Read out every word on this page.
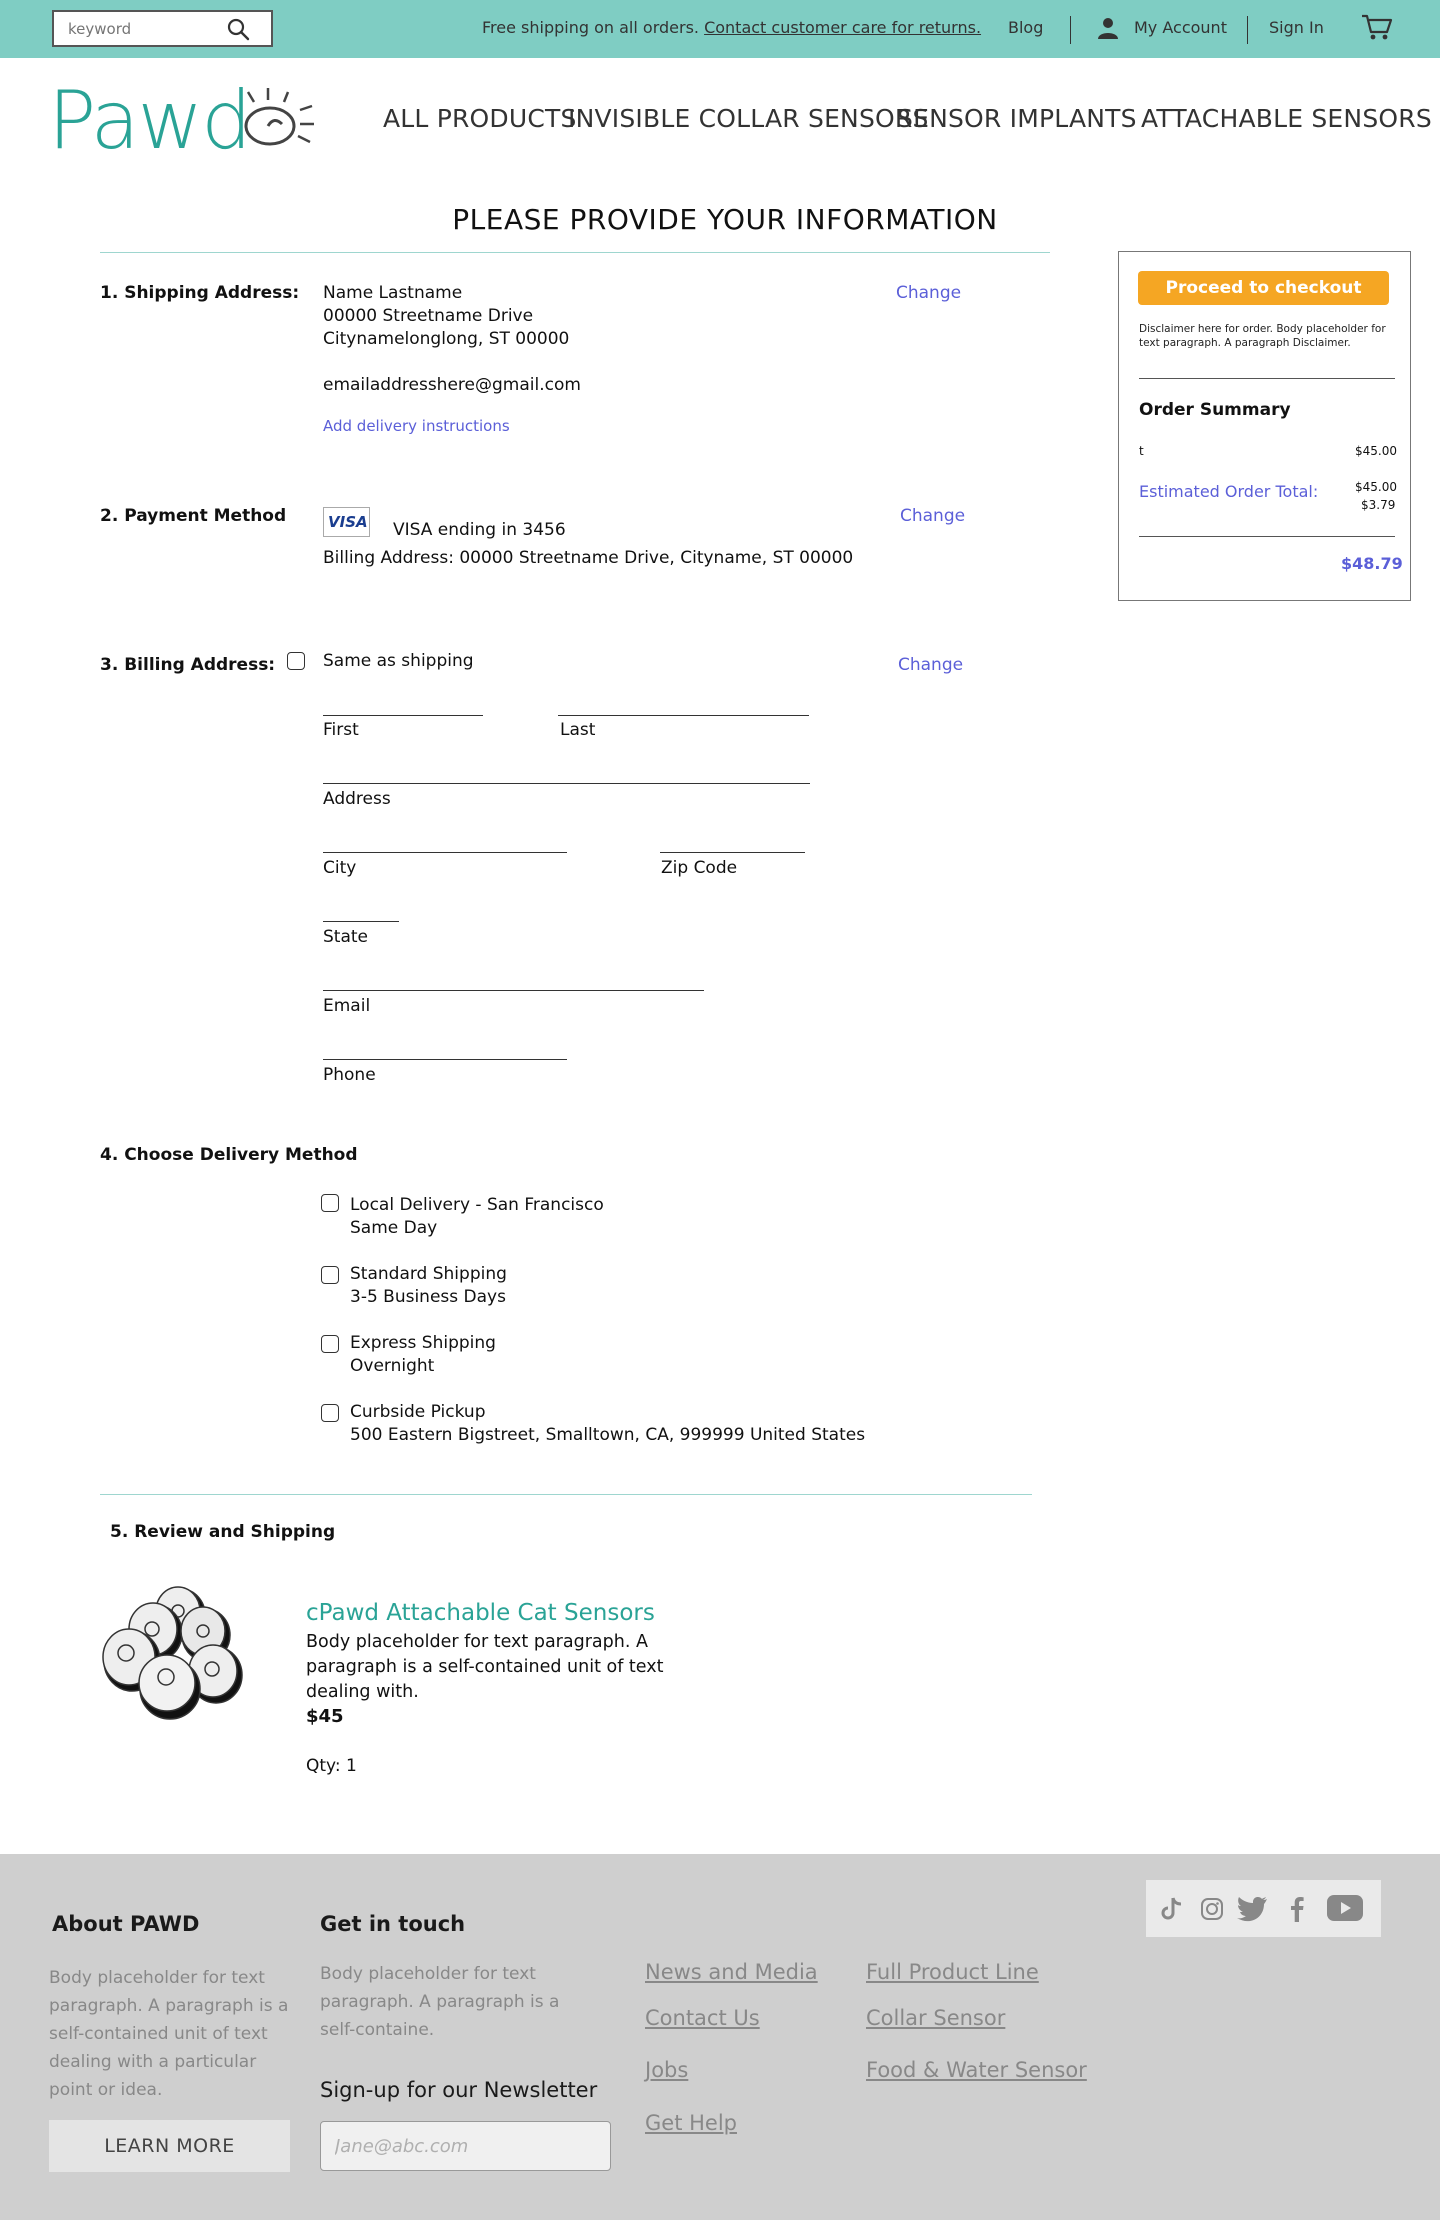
keyword
Free shipping on all orders. Contact customer care for returns. Blog	My Account	Sign In
Pawd	ALL PRODUCTS
INVISIBLE COLLAR SENSORS
SENSOR IMPLANTS ATTACHABLE SENSORS
PLEASE PROVIDE YOUR INFORMATION
1. Shipping Address: Name Lastname
00000 Streetname Drive
Citynamelonglong, ST 00000
emailaddresshere@gmail.com
Add delivery instructions
Change
2. Payment Method	VISA VISA ending in 3456
Billing Address: 00000 Streetname Drive, Cityname, ST 00000
Change
3. Billing Address:	Same as shipping	Change
First	Last
Address
City	Zip Code
State
Email
Phone
4. Choose Delivery Method
Local Delivery - San Francisco
Same Day
Standard Shipping
3-5 Business Days
Express Shipping
Overnight
Curbside Pickup
500 Eastern Bigstreet, Smalltown, CA, 999999 United States
5. Review and Shipping
cPawd Attachable Cat Sensors
Body placeholder for text paragraph. A paragraph is a self-contained unit of text dealing with.
$45
Qty: 1
Proceed to checkout
Disclaimer here for order. Body placeholder for text paragraph. A paragraph Disclaimer.
Order Summary
t	$45.00
Estimated Order Total:	$45.00
$3.79
$48.79
About PAWD
Body placeholder for text paragraph. A paragraph is a self-contained unit of text dealing with a particular point or idea.
LEARN MORE
Get in touch
Body placeholder for text paragraph. A paragraph is a self-containe.
Sign-up for our Newsletter
Jane@abc.com
News and Media
Contact Us
Jobs
Get Help
Full Product Line
Collar Sensor
Food & Water Sensor
